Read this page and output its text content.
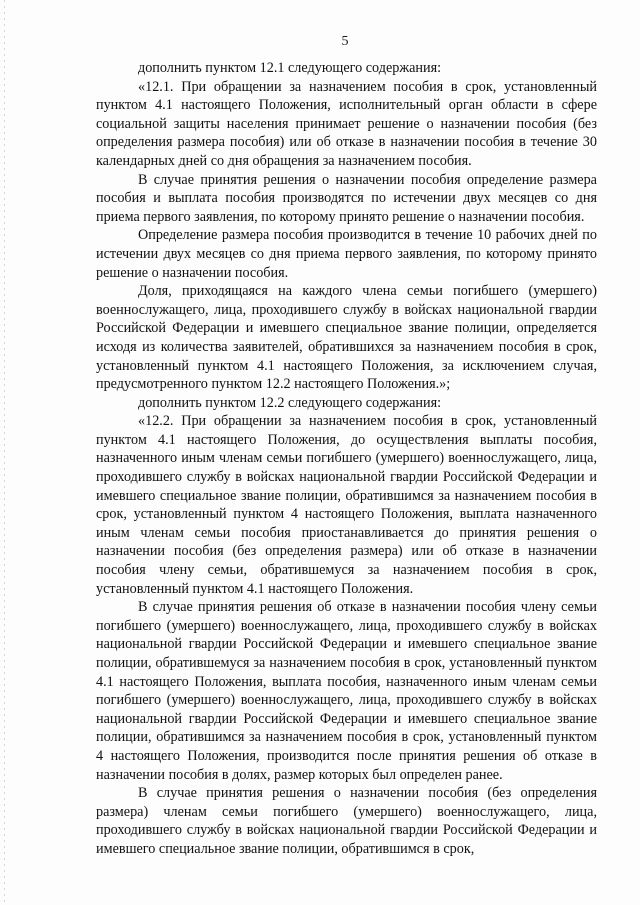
5

дополнить пунктом 12.1 следующего содержания:

«12.1. При обращении за назначением пособия в срок, установленный пунктом 4.1 настоящего Положения, исполнительный орган области в сфере социальной защиты населения принимает решение о назначении пособия (без определения размера пособия) или об отказе в назначении пособия в течение 30 календарных дней со дня обращения за назначением пособия.

В случае принятия решения о назначении пособия определение размера пособия и выплата пособия производятся по истечении двух месяцев со дня приема первого заявления, по которому принято решение о назначении пособия.

Определение размера пособия производится в течение 10 рабочих дней по истечении двух месяцев со дня приема первого заявления, по которому принято решение о назначении пособия.

Доля, приходящаяся на каждого члена семьи погибшего (умершего) военнослужащего, лица, проходившего службу в войсках национальной гвардии Российской Федерации и имевшего специальное звание полиции, определяется исходя из количества заявителей, обратившихся за назначением пособия в срок, установленный пунктом 4.1 настоящего Положения, за исключением случая, предусмотренного пунктом 12.2 настоящего Положения.»;

дополнить пунктом 12.2 следующего содержания:

«12.2. При обращении за назначением пособия в срок, установленный пунктом 4.1 настоящего Положения, до осуществления выплаты пособия, назначенного иным членам семьи погибшего (умершего) военнослужащего, лица, проходившего службу в войсках национальной гвардии Российской Федерации и имевшего специальное звание полиции, обратившимся за назначением пособия в срок, установленный пунктом 4 настоящего Положения, выплата назначенного иным членам семьи пособия приостанавливается до принятия решения о назначении пособия (без определения размера) или об отказе в назначении пособия члену семьи, обратившемуся за назначением пособия в срок, установленный пунктом 4.1 настоящего Положения.

В случае принятия решения об отказе в назначении пособия члену семьи погибшего (умершего) военнослужащего, лица, проходившего службу в войсках национальной гвардии Российской Федерации и имевшего специальное звание полиции, обратившемуся за назначением пособия в срок, установленный пунктом 4.1 настоящего Положения, выплата пособия, назначенного иным членам семьи погибшего (умершего) военнослужащего, лица, проходившего службу в войсках национальной гвардии Российской Федерации и имевшего специальное звание полиции, обратившимся за назначением пособия в срок, установленный пунктом 4 настоящего Положения, производится после принятия решения об отказе в назначении пособия в долях, размер которых был определен ранее.

В случае принятия решения о назначении пособия (без определения размера) членам семьи погибшего (умершего) военнослужащего, лица, проходившего службу в войсках национальной гвардии Российской Федерации и имевшего специальное звание полиции, обратившимся в срок,
